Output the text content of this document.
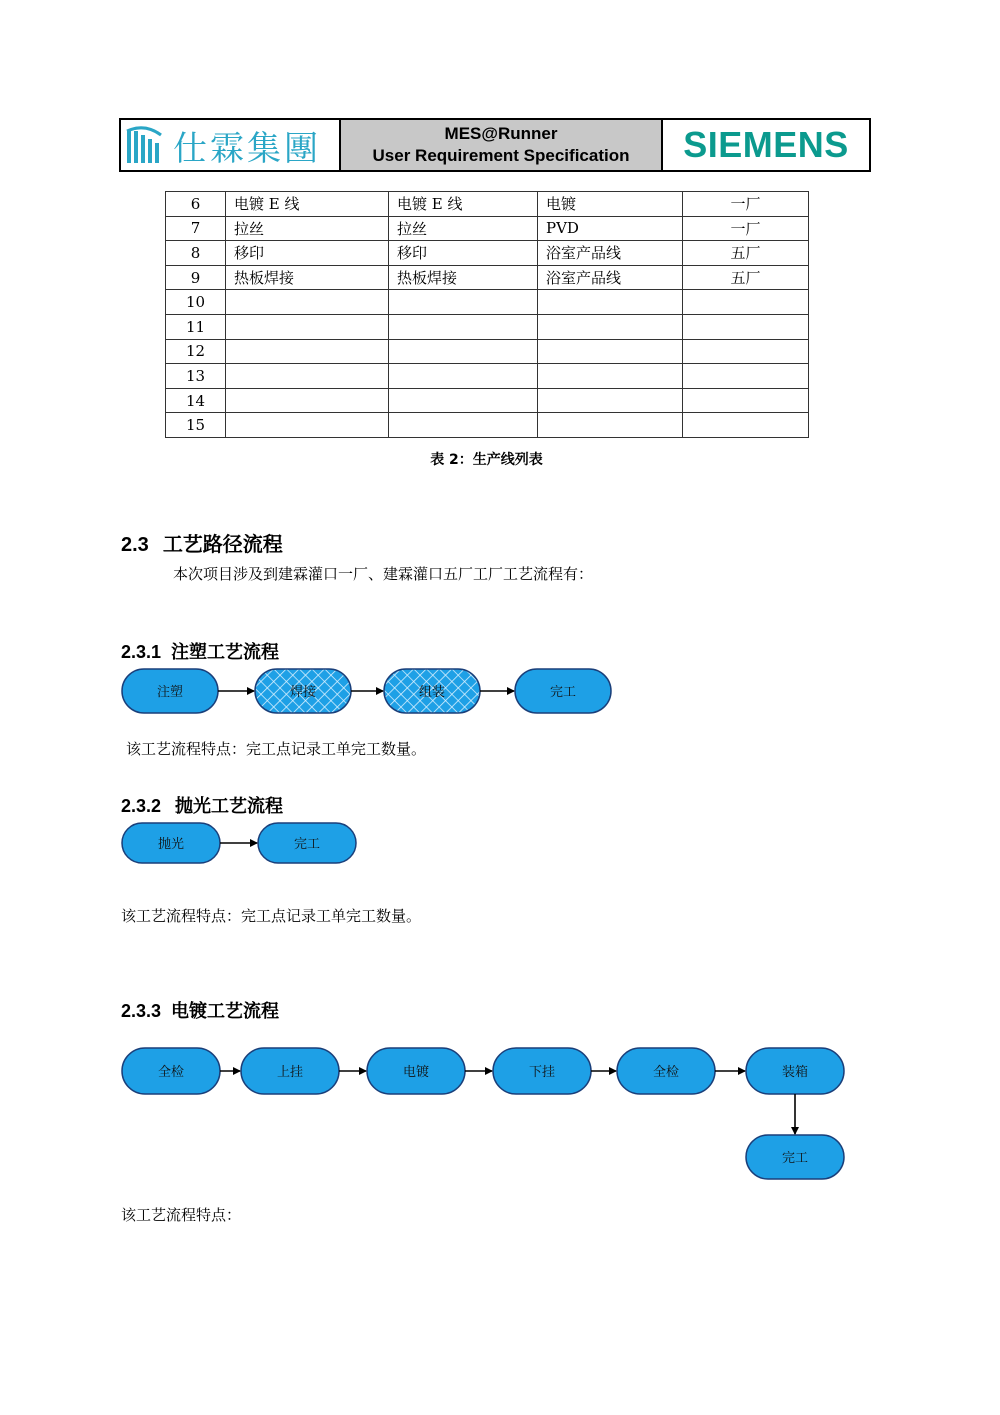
仕霖集團	MES@Runner
User Requirement Specification	SIEMENS
6	电镀 E 线	电镀 E 线	电镀	一厂
7	拉丝	拉丝	PVD	一厂
8	移印	移印	浴室产品线	五厂
9	热板焊接	热板焊接	浴室产品线	五厂
10				
11				
12				
13				
14				
15				
表 2：生产线列表
2.3 工艺路径流程

本次项目涉及到建霖灌口一厂、建霖灌口五厂工厂工艺流程有：

2.3.1 注塑工艺流程

该工艺流程特点：完工点记录工单完工数量。

2.3.2 抛光工艺流程

该工艺流程特点：完工点记录工单完工数量。

2.3.3 电镀工艺流程

该工艺流程特点：

注塑	焊接	组装	完工
抛光	完工
全检	上挂	电镀	下挂	全检	装箱
完工
